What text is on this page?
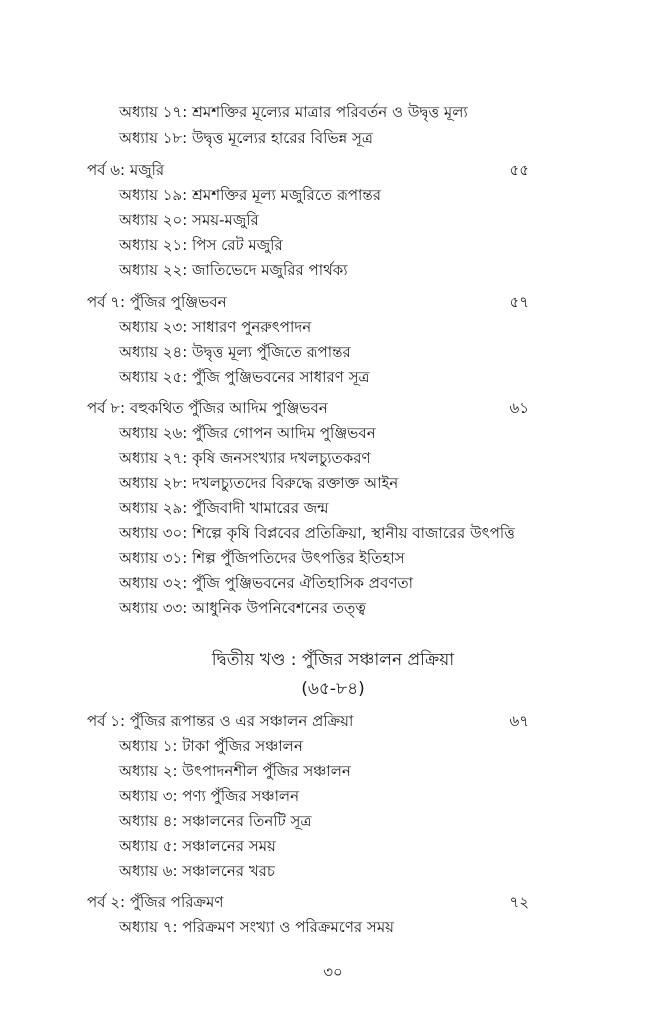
অধ্যায় ১৭: শ্রমশক্তির মূল্যের মাত্রার পরিবর্তন ও উদ্বৃত্ত মূল্য
অধ্যায় ১৮: উদ্বৃত্ত মূল্যের হারের বিভিন্ন সূত্র
পর্ব ৬: মজুরি	৫৫
অধ্যায় ১৯: শ্রমশক্তির মূল্য মজুরিতে রূপান্তর
অধ্যায় ২০: সময়-মজুরি
অধ্যায় ২১: পিস রেট মজুরি
অধ্যায় ২২: জাতিভেদে মজুরির পার্থক্য
পর্ব ৭: পুঁজির পুঞ্জিভবন	৫৭
অধ্যায় ২৩: সাধারণ পুনরুৎপাদন
অধ্যায় ২৪: উদ্বৃত্ত মূল্য পুঁজিতে রূপান্তর
অধ্যায় ২৫: পুঁজি পুঞ্জিভবনের সাধারণ সূত্র
পর্ব ৮: বহুকথিত পুঁজির আদিম পুঞ্জিভবন	৬১
অধ্যায় ২৬: পুঁজির গোপন আদিম পুঞ্জিভবন
অধ্যায় ২৭: কৃষি জনসংখ্যার দখলচ্যুতকরণ
অধ্যায় ২৮: দখলচ্যুতদের বিরুদ্ধে রক্তাক্ত আইন
অধ্যায় ২৯: পুঁজিবাদী খামারের জন্ম
অধ্যায় ৩০: শিল্পে কৃষি বিপ্লবের প্রতিক্রিয়া, স্থানীয় বাজারের উৎপত্তি
অধ্যায় ৩১: শিল্প পুঁজিপতিদের উৎপত্তির ইতিহাস
অধ্যায় ৩২: পুঁজি পুঞ্জিভবনের ঐতিহাসিক প্রবণতা
অধ্যায় ৩৩: আধুনিক উপনিবেশনের তত্ত্ব
দ্বিতীয় খণ্ড : পুঁজির সঞ্চালন প্রক্রিয়া
(৬৫-৮৪)
পর্ব ১: পুঁজির রূপান্তর ও এর সঞ্চালন প্রক্রিয়া	৬৭
অধ্যায় ১: টাকা পুঁজির সঞ্চালন
অধ্যায় ২: উৎপাদনশীল পুঁজির সঞ্চালন
অধ্যায় ৩: পণ্য পুঁজির সঞ্চালন
অধ্যায় ৪: সঞ্চালনের তিনটি সূত্র
অধ্যায় ৫: সঞ্চালনের সময়
অধ্যায় ৬: সঞ্চালনের খরচ
পর্ব ২: পুঁজির পরিক্রমণ	৭২
অধ্যায় ৭: পরিক্রমণ সংখ্যা ও পরিক্রমণের সময়
৩০
